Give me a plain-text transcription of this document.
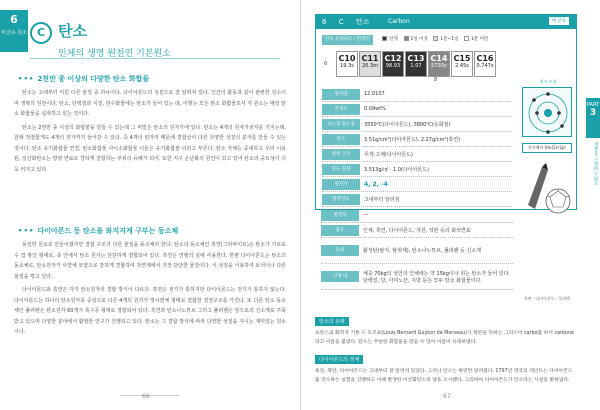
6
비금속 원소 C 탄소
인체의 생명 원천인 기본원소
••• 2천만 종 이상의 다양한 탄소 화합물

탄소는 고대부터 익힌 다른 물질 중 하나이다. 다이아몬드의 성분으로 잘 알려져 있다. 인간의 활동과 같이 관련한 원소이며 생명의 원천이다. 탄소, 단백질과 지질, 탄수화물에는 탄소가 들어 있는 데, 이렇는 모든 탄소 화합물로서 각 원소는 매일 탄소 화합물을 섭취하고 있는 것이다.

탄소는 2천만 종 이상의 화합물을 만들 수 있는데 그 비밀은 탄소의 원자가에 있다. 탄소는 4개의 원자가전자를 가지는데, 원래 적절함게도 4개의 전자까지 들어갈 수 있다. 즉 4개의 빈자리 때문에 결합상이 다른 다양한 성질의 분자를 만들 수 있는 것이다. 탄소 유기화합물 연결, 탄소화합물 사이소화합물 이들은 유기화합물 이라고 부른다. 탄소 자체는 중대하고 우리 이용된, 일산화탄소는 방향 연료로 강하게 결합하는 부위의 유해가 되어. 또한 지구 온난화의 원인이 되고 있어 탄소의 중요성이 더욱 커지고 있다.

••• 다이아몬드 등 탄소를 좌지지게 구부는 동소체

동일한 원소로 만들어졌지만 결합 구조가 다른 물질을 동소체라 한다. 탄소의 동소체인 흑연(그라파이트)은 탄소가 가로로 수 겹 쌓인 형태로, 층 안에서 탄소 원자는 단단하게 결합되어 있다. 흑연은 연필의 심에 사용한다. 한편 다이아몬드는 탄소의 동소체로, 탄소원자가 사면체 모양으로 강하게 결합하여 자연계에서 가장 단단한 물질이다. 이 성질을 이용하여 보석이나 다른 물질을 깎고 있다.

다이아몬드와 흑연은 각각 탄소원자의 결합 방식이 다르다. 흑연은 전기가 통하지만 다이아몬드는 전기가 통하지 않는다. 다이아몬드는 하나의 탄소원자를 중심으로 다른 4개의 원자가 정사면체 형태로 결합한 결정구조를 가진다. 또 다른 탄소 동소체인 풀러렌은 탄소원자 60개가 축구공 형태로 결합되어 있다. 흑연과 탄소나노튜브 그리고 풀러렌은 앞으로의 신소재로 주목받고 있으며 다양한 분야에서 활발한 연구가 진행되고 있다. 탄소는 그 결합 방식에 따라 다양한 성질을 지니는 재미있는 원소이다.

66
6 C 탄소	Carbon
탄소 동위원소 / 반감기	안정	1일 이상	1분~1일	1분 미만
6
C10
19.3s
C11
20.3m
C12
98.93
C13
1.07
C14
5730y
C15
2.45s
C16
0.747s
8
원자량	12.0107
존재도	0.09wt%
녹는점·끓는점	3550℃(다이아몬드), 3800℃(승화점)
밀도	3.51g/cm³(다이아몬드), 2.27g/cm³(흑연)
결정 구조	무색·고체(다이아몬드)
밀도·질량	3.513g/㎤ · 1.0(다이아몬드)
원자가	4, 2, -4
발견연도	고대부터 알려짐
원자 모형
전자배치 [He]2s²2p²
비금속
발견자	—
용도	인체, 흑연, 다이아몬드, 자원, 석탄 등의 화석연료
동위	활성탄(탈지, 탈취제), 탄소나노튜브, 풀러렌 등 신소재
인체 내	체중 70kg의 성인의 인체에는 약 15kg이나 되는 탄소가 들어 있다. 단백질, 당, 아미노산, 지방 등은 모두 탄소 화합물이다.
흑연 · 다이아몬드 · 풀러렌
PART
3
생명을 구성하는 원소
탄소의 유래
프랑스의 화학자 기톤 드 모르보(Louis Bernard Guyton de Morveau)가 목탄을 뜻하는 그리스어 carbo를 따서 carbone라고 이름을 붙였다. 탄소는 무한한 화합물을 만들 수 있어 이름이 유래하였다.
다이아몬드의 정체
흑연, 목탄, 다이아몬드는 고대부터 잘 알려져 있었다. 그러나 탄소는 흑연만 알려졌다. 1797년 영국의 테넌트는 다이아몬드를 연소하는 실험을 진행하고 이때 발생한 이산화탄소의 양을 조사했다. 그리하여 다이아몬드가 탄소라는 사실을 밝혀냈다.
67
